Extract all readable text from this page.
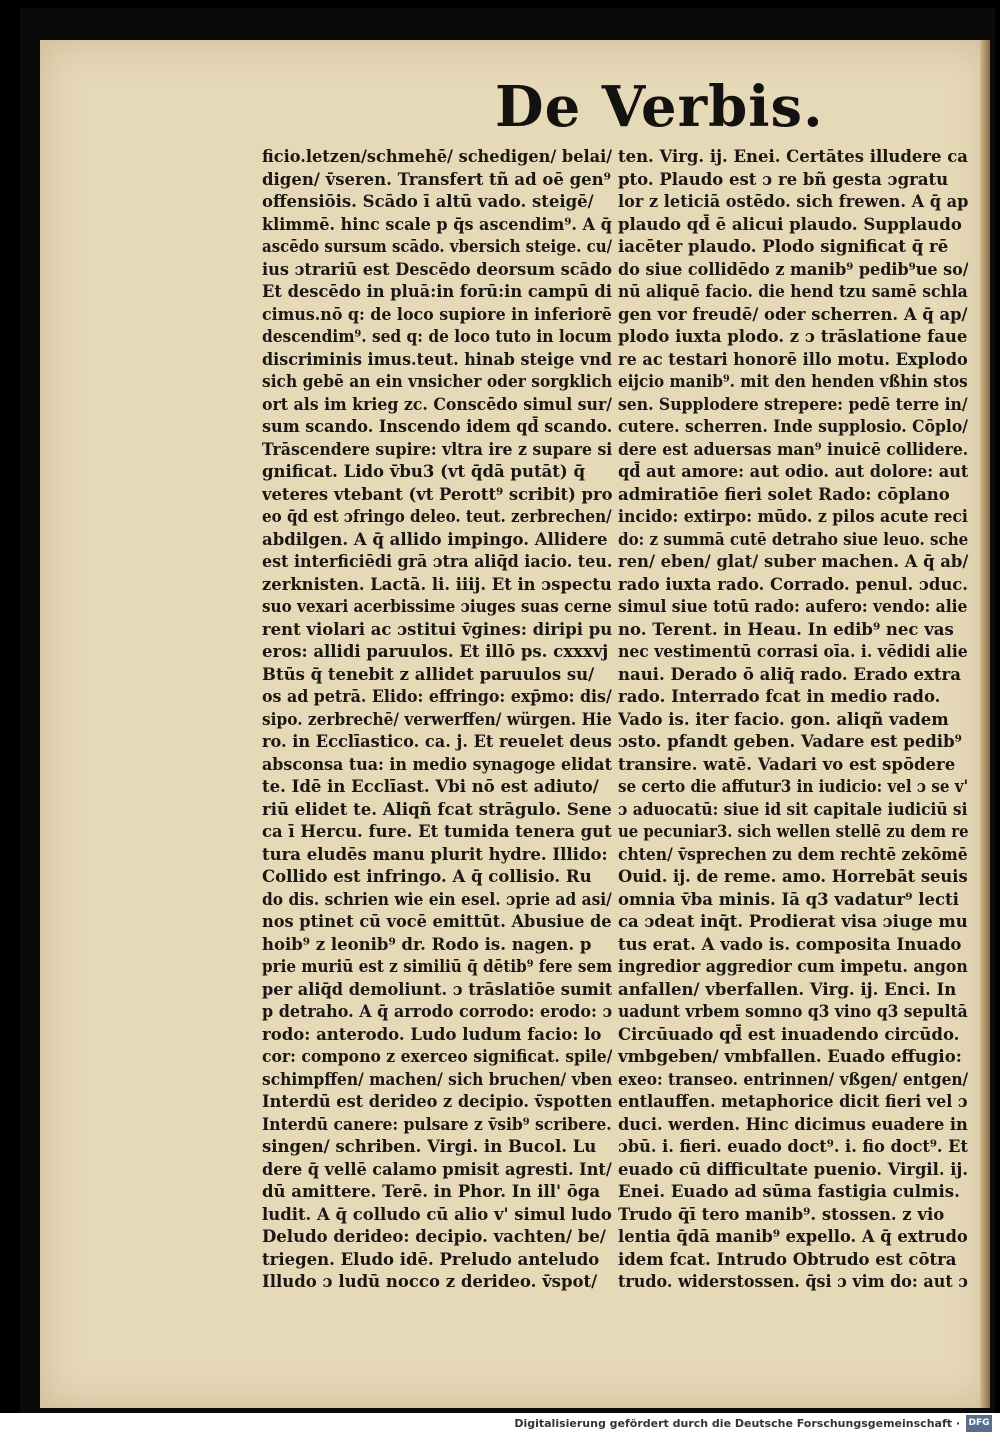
De Verbis.
ficio.letzen/schmehē/ schedigen/ belai/
digen/ v̄seren. Transfert tñ ad oē gen⁹
offensiōis. Scādo ī altū vado. steigē/
klimmē. hinc scale p q̄s ascendim⁹. A q̄
ascēdo sursum scādo. vbersich steige. cu/
ius ɔtrariū est Descēdo deorsum scādo
Et descēdo in pluā:in forū:in campū di
cimus.nō q: de loco supiore in inferiorē
descendim⁹. sed q: de loco tuto in locum
discriminis imus.teut. hinab steige vnd
sich gebē an ein vnsicher oder sorgklich
ort als im krieg zc. Conscēdo simul sur/
sum scando. Inscendo idem qd̄ scando.
Trāscendere supire: vltra ire z supare si
gnificat. Lido v̄bu3 (vt q̄dā putāt) q̄
veteres vtebant (vt Perott⁹ scribit) pro
eo q̄d est ɔfringo deleo. teut. zerbrechen/
abdilgen. A q̄ allido impingo. Allidere
est interficiēdi grā ɔtra aliq̄d iacio. teu.
zerknisten. Lactā. li. iiij. Et in ɔspectu
suo vexari acerbissime ɔiuges suas cerne
rent violari ac ɔstitui v̄gines: diripi pu
eros: allidi paruulos. Et illō ps. cxxxvj
Btūs q̄ tenebit z allidet paruulos su/
os ad petrā. Elido: effringo: exp̄mo: dis/
sipo. zerbrechē/ verwerffen/ würgen. Hie
ro. in Ecclīastico. ca. j. Et reuelet deus
absconsa tua: in medio synagoge elidat
te. Idē in Ecclīast. Vbi nō est adiuto/
riū elidet te. Aliqñ fcat strāgulo. Sene
ca ī Hercu. fure. Et tumida tenera gut
tura eludēs manu plurit hydre. Illido:
Collido est infringo. A q̄ collisio. Ru
do dis. schrien wie ein esel. ɔprie ad asi/
nos ptinet cū vocē emittūt. Abusiue de
hoib⁹ z leonib⁹ dr. Rodo is. nagen. p
prie muriū est z similiū q̄ dētib⁹ fere sem
per aliq̄d demoliunt. ɔ trāslatiōe sumit
p detraho. A q̄ arrodo corrodo: erodo: ɔ
rodo: anterodo. Ludo ludum facio: lo
cor: compono z exerceo significat. spile/
schimpffen/ machen/ sich bruchen/ vben
Interdū est derideo z decipio. v̄spotten
Interdū canere: pulsare z v̄sib⁹ scribere.
singen/ schriben. Virgi. in Bucol. Lu
dere q̄ vellē calamo pmisit agresti. Int/
dū amittere. Terē. in Phor. In ill' ōga
ludit. A q̄ colludo cū alio v' simul ludo
Deludo derideo: decipio. vachten/ be/
triegen. Eludo idē. Preludo anteludo
Illudo ɔ ludū nocco z derideo. v̄spot/
ten. Virg. ij. Enei. Certātes illudere ca
pto. Plaudo est ɔ re bñ gesta ɔgratu
lor z leticiā ostēdo. sich frewen. A q̄ ap
plaudo qd̄ ē alicui plaudo. Supplaudo
iacēter plaudo. Plodo significat q̄ rē
do siue collidēdo z manib⁹ pedib⁹ue so/
nū aliquē facio. die hend tzu samē schla
gen vor freudē/ oder scherren. A q̄ ap/
plodo iuxta plodo. z ɔ trāslatione faue
re ac testari honorē illo motu. Explodo
eijcio manib⁹. mit den henden vßhin stos
sen. Supplodere strepere: pedē terre in/
cutere. scherren. Inde supplosio. Cōplo/
dere est aduersas man⁹ inuicē collidere.
qd̄ aut amore: aut odio. aut dolore: aut
admiratiōe fieri solet Rado: cōplano
incido: extirpo: mūdo. z pilos acute reci
do: z summā cutē detraho siue leuo. sche
ren/ eben/ glat/ suber machen. A q̄ ab/
rado iuxta rado. Corrado. penul. ɔduc.
simul siue totū rado: aufero: vendo: alie
no. Terent. in Heau. In edib⁹ nec vas
nec vestimentū corrasi oīa. i. vēdidi alie
naui. Derado ō aliq̄ rado. Erado extra
rado. Interrado fcat in medio rado.
Vado is. iter facio. gon. aliqñ vadem
ɔsto. pfandt geben. Vadare est pedib⁹
transire. watē. Vadari vo est spōdere
se certo die affutur3 in iudicio: vel ɔ se v'
ɔ aduocatū: siue id sit capitale iudiciū si
ue pecuniar3. sich wellen stellē zu dem re
chten/ v̄sprechen zu dem rechtē zekōmē
Ouid. ij. de reme. amo. Horrebāt seuis
omnia v̄ba minis. Iā q3 vadatur⁹ lecti
ca ɔdeat inq̄t. Prodierat visa ɔiuge mu
tus erat. A vado is. composita Inuado
ingredior aggredior cum impetu. angon
anfallen/ vberfallen. Virg. ij. Enci. In
uadunt vrbem somno q3 vino q3 sepultā
Circūuado qd̄ est inuadendo circūdo.
vmbgeben/ vmbfallen. Euado effugio:
exeo: transeo. entrinnen/ vßgen/ entgen/
entlauffen. metaphorice dicit fieri vel ɔ
duci. werden. Hinc dicimus euadere in
ɔbū. i. fieri. euado doct⁹. i. fio doct⁹. Et
euado cū difficultate puenio. Virgil. ij.
Enei. Euado ad sūma fastigia culmis.
Trudo q̄ī tero manib⁹. stossen. z vio
lentia q̄dā manib⁹ expello. A q̄ extrudo
idem fcat. Intrudo Obtrudo est cōtra
trudo. widerstossen. q̄si ɔ vim do: aut ɔ
Digitalisierung gefördert durch die Deutsche Forschungsgemeinschaft · DFG
